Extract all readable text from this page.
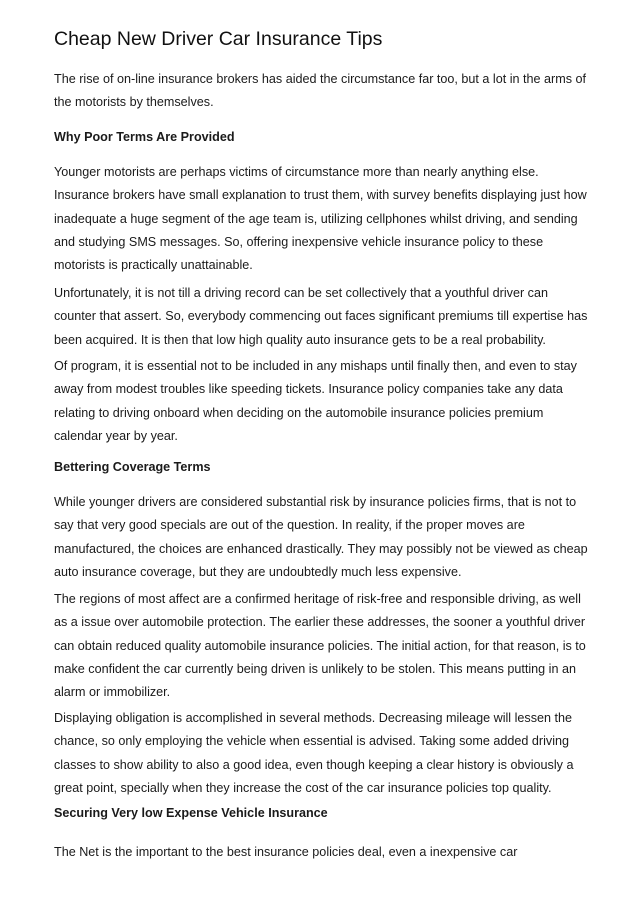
Cheap New Driver Car Insurance Tips

The rise of on-line insurance brokers has aided the circumstance far too, but a lot in the arms of the motorists by themselves.

Why Poor Terms Are Provided

Younger motorists are perhaps victims of circumstance more than nearly anything else. Insurance brokers have small explanation to trust them, with survey benefits displaying just how inadequate a huge segment of the age team is, utilizing cellphones whilst driving, and sending and studying SMS messages. So, offering inexpensive vehicle insurance policy to these motorists is practically unattainable.

Unfortunately, it is not till a driving record can be set collectively that a youthful driver can counter that assert. So, everybody commencing out faces significant premiums till expertise has been acquired. It is then that low high quality auto insurance gets to be a real probability.

Of program, it is essential not to be included in any mishaps until finally then, and even to stay away from modest troubles like speeding tickets. Insurance policy companies take any data relating to driving onboard when deciding on the automobile insurance policies premium calendar year by year.

Bettering Coverage Terms

While younger drivers are considered substantial risk by insurance policies firms, that is not to say that very good specials are out of the question. In reality, if the proper moves are manufactured, the choices are enhanced drastically. They may possibly not be viewed as cheap auto insurance coverage, but they are undoubtedly much less expensive.

The regions of most affect are a confirmed heritage of risk-free and responsible driving, as well as a issue over automobile protection. The earlier these addresses, the sooner a youthful driver can obtain reduced quality automobile insurance policies. The initial action, for that reason, is to make confident the car currently being driven is unlikely to be stolen. This means putting in an alarm or immobilizer.

Displaying obligation is accomplished in several methods. Decreasing mileage will lessen the chance, so only employing the vehicle when essential is advised. Taking some added driving classes to show ability to also a good idea, even though keeping a clear history is obviously a great point, specially when they increase the cost of the car insurance policies top quality.

Securing Very low Expense Vehicle Insurance

The Net is the important to the best insurance policies deal, even a inexpensive car
